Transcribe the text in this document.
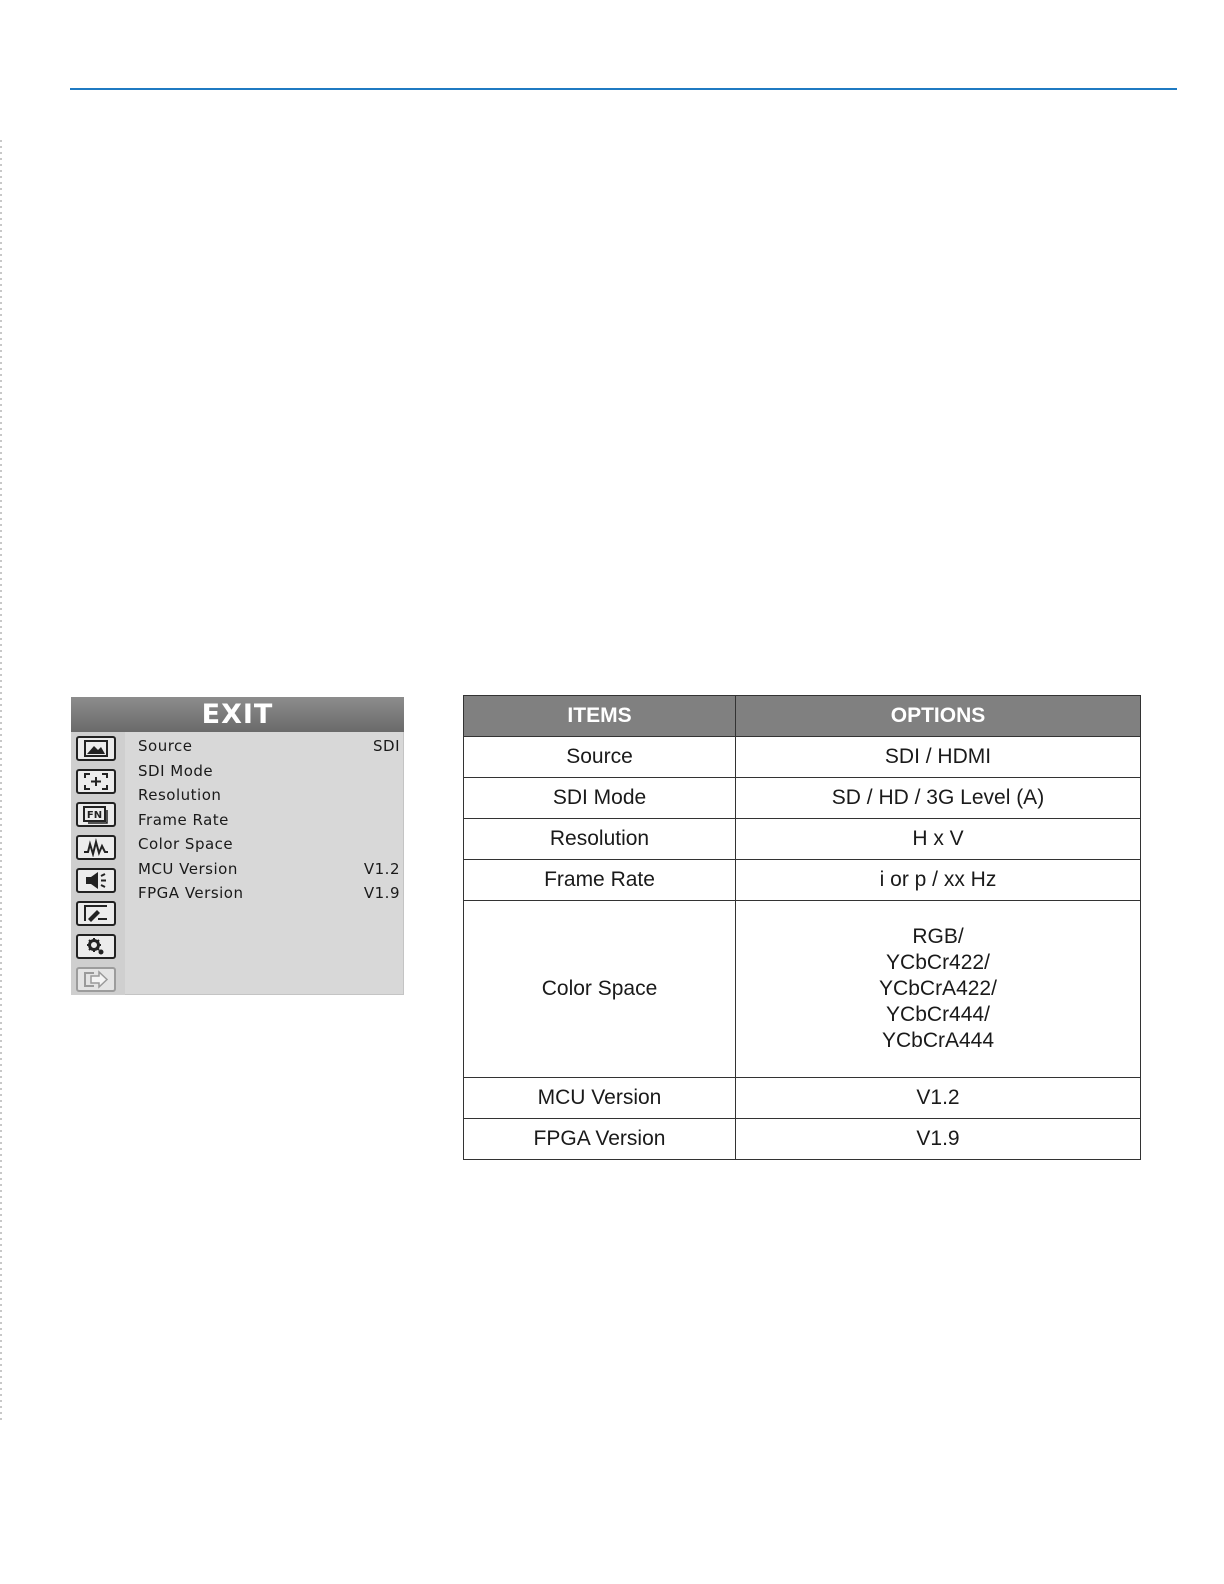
EXIT
FN
Source	SDI
SDI Mode
Resolution
Frame Rate
Color Space
MCU Version	V1.2
FPGA Version	V1.9
ITEMS	OPTIONS
Source	SDI / HDMI
SDI Mode	SD / HD / 3G Level (A)
Resolution	H x V
Frame Rate	i or p / xx Hz
Color Space	RGB/
YCbCr422/
YCbCrA422/
YCbCr444/
YCbCrA444

MCU Version	V1.2
FPGA Version	V1.9
